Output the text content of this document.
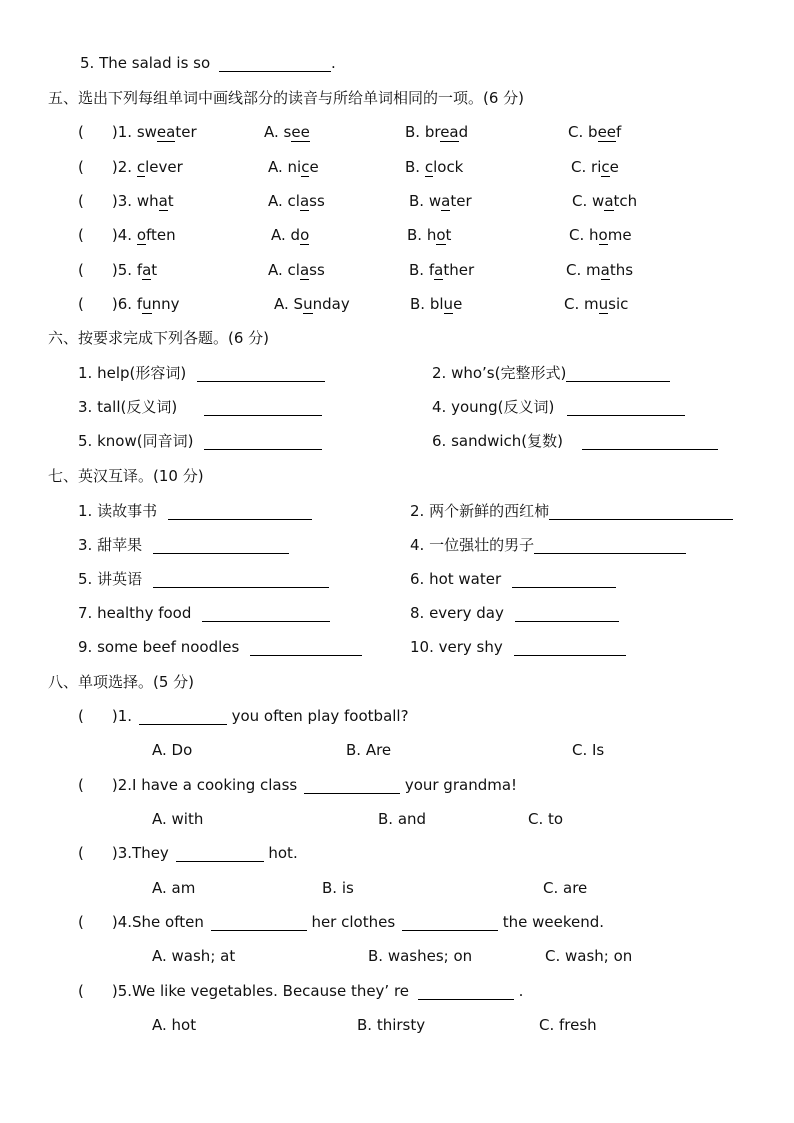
5. The salad is so	.
五、选出下列每组单词中画线部分的读音与所给单词相同的一项。(6 分)
( )1. sweater	A. see	B. bread	C. beef
( )2. clever	A. nice	B. clock	C. rice
( )3. what	A. class	B. water	C. watch
( )4. often	A. do	B. hot	C. home
( )5. fat	A. class	B. father	C. maths
( )6. funny	A. Sunday	B. blue	C. music
六、按要求完成下列各题。(6 分)
1. help(形容词)	2. who’s(完整形式)
3. tall(反义词)	4. young(反义词)
5. know(同音词)	6. sandwich(复数)
七、英汉互译。(10 分)
1. 读故事书	2. 两个新鲜的西红柿
3. 甜苹果	4. 一位强壮的男子
5. 讲英语	6. hot water
7. healthy food	8. every day
9. some beef noodles	10. very shy
八、单项选择。(5 分)
( )1.	you often play football?
A. Do	B. Are	C. Is
( )2.I have a cooking class	your grandma!
A. with	B. and	C. to
( )3.They	hot.
A. am	B. is	C. are
( )4.She often	her clothes	the weekend.
A. wash; at	B. washes; on	C. wash; on
( )5.We like vegetables. Because they’ re	.
A. hot	B. thirsty	C. fresh
